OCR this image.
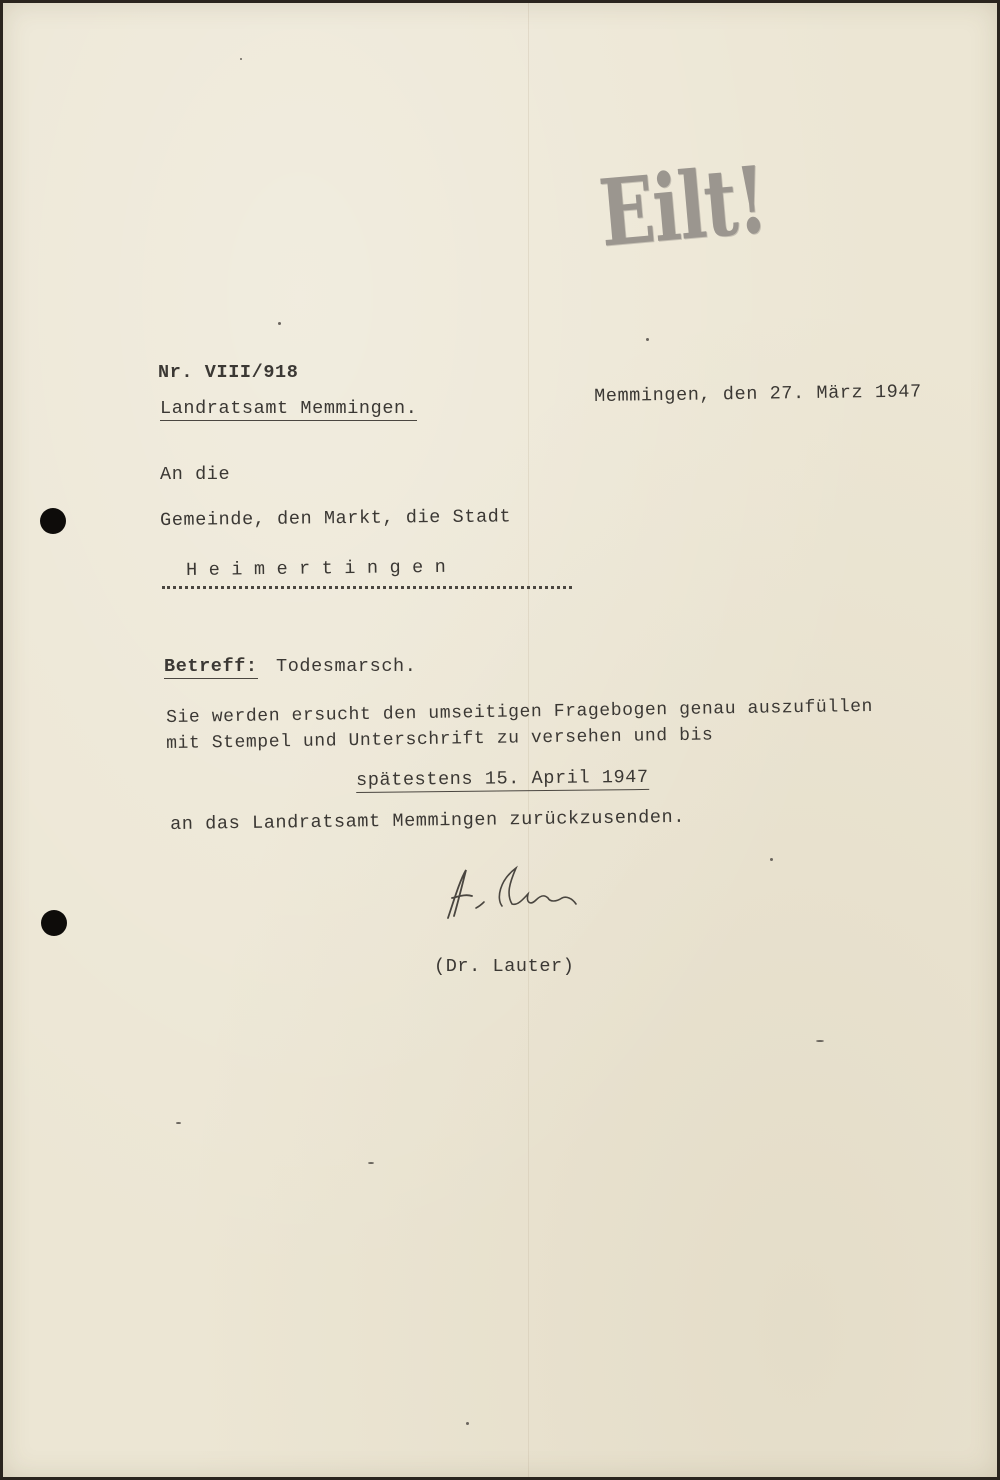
Eilt!
Nr. VIII/918
Landratsamt Memmingen.
Memmingen, den 27. März 1947
An die
Gemeinde, den Markt, die Stadt
Heimertingen
Betreff: Todesmarsch.
Sie werden ersucht den umseitigen Fragebogen genau auszufüllen
mit Stempel und Unterschrift zu versehen und bis
spätestens 15. April 1947
an das Landratsamt Memmingen zurückzusenden.
(Dr. Lauter)
